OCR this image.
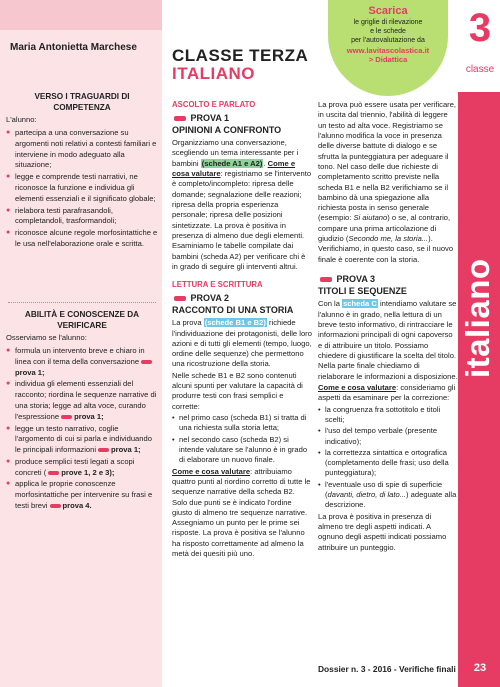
Maria Antonietta Marchese
VERSO I TRAGUARDI DI COMPETENZA
L'alunno:
● partecipa a una conversazione su argomenti noti relativi a contesti familiari e interviene in modo adeguato alla situazione;
● legge e comprende testi narrativi, ne riconosce la funzione e individua gli elementi essenziali e il significato globale;
● rielabora testi parafrasandoli, completandoli, trasformandoli;
● riconosce alcune regole morfosintattiche e le usa nell'elaborazione orale e scritta.
ABILITÀ E CONOSCENZE DA VERIFICARE
Osserviamo se l'alunno:
● formula un intervento breve e chiaro in linea con il tema della conversazioneprova 1;
● individua gli elementi essenziali del racconto; riordina le sequenze narrative di una storia; legge ad alta voce, curando l'espressione prova 1;
● legge un testo narrativo, coglie l'argomento di cui si parla e individuando le principali informazioni prova 1;
● produce semplici testi legati a scopi concreti ( prove 1, 2 e 3);
● applica le proprie conoscenze morfosintattiche per intervenire su frasi e testi brevi prova 4.
CLASSE TERZA
ITALIANO
Scarica
le griglie di rilevazione
e le schede
per l'autovalutazione da
www.lavitascolastica.it
> Didattica
ASCOLTO E PARLATO
PROVA 1
OPINIONI A CONFRONTO

Organizziamo una conversazione, scegliendo un tema interessante per i bambini (schede A1 e A2). Come e cosa valutare: registriamo se l'intervento è completo/incompleto: ripresa delle domande; segnalazione delle reazioni; ripresa della propria esperienza personale; ripresa delle posizioni sintetizzate. La prova è positiva in presenza di almeno due degli elementi. Esaminiamo le tabelle compilate dai bambini (scheda A2) per verificare chi è in grado di seguire gli interventi altrui.

LETTURA E SCRITTURA
PROVA 2
RACCONTO DI UNA STORIA

La prova (schede B1 e B2) richiede l'individuazione dei protagonisti, delle loro azioni e di tutti gli elementi (tempo, luogo, ordine delle sequenze) che permettono una ricostruzione della storia.

Nelle schede B1 e B2 sono contenuti alcuni spunti per valutare la capacità di produrre testi con frasi semplici e corrette:

• nel primo caso (scheda B1) si tratta di una richiesta sulla storia letta;

• nel secondo caso (scheda B2) si intende valutare se l'alunno è in grado di elaborare un nuovo finale.

Come e cosa valutare: attribuiamo quattro punti al riordino corretto di tutte le sequenze narrative della scheda B2. Solo due punti se è indicato l'ordine giusto di almeno tre sequenze narrative. Assegniamo un punto per le prime sei risposte. La prova è positiva se l'alunno ha risposto correttamente ad almeno la metà dei quesiti più uno.

La prova può essere usata per verificare, in uscita dal triennio, l'abilità di leggere un testo ad alta voce. Registriamo se l'alunno modifica la voce in presenza delle diverse battute di dialogo e se sfrutta la punteggiatura per adeguare il tono. Nel caso delle due richieste di completamento scritto previste nella scheda B1 e nella B2 verifichiamo se il bambino dà una spiegazione alla richiesta posta in senso generale (esempio: Si aiutano) o se, al contrario, compare una prima articolazione di giudizio (Secondo me, la storia...). Verifichiamo, in questo caso, se il nuovo finale è coerente con la storia.

PROVA 3
TITOLI E SEQUENZE

Con la scheda C intendiamo valutare se l'alunno è in grado, nella lettura di un breve testo informativo, di rintracciare le informazioni principali di ogni capoverso e di attribuire un titolo. Possiamo chiedere di giustificare la scelta del titolo. Nella parte finale chiediamo di rielaborare le informazioni a disposizione.

Come e cosa valutare: consideriamo gli aspetti da esaminare per la correzione:

• la congruenza fra sottotitolo e titoli scelti;

• l'uso del tempo verbale (presente indicativo);

• la correttezza sintattica e ortografica (completamento delle frasi; uso della punteggiatura);

• l'eventuale uso di spie di superficie (davanti, dietro, di lato...) adeguate alla descrizione.

La prova è positiva in presenza di almeno tre degli aspetti indicati. A ognuno degli aspetti indicati possiamo attribuire un punteggio.

3
classe
italiano
23
Dossier n. 3 - 2016 - Verifiche finali
